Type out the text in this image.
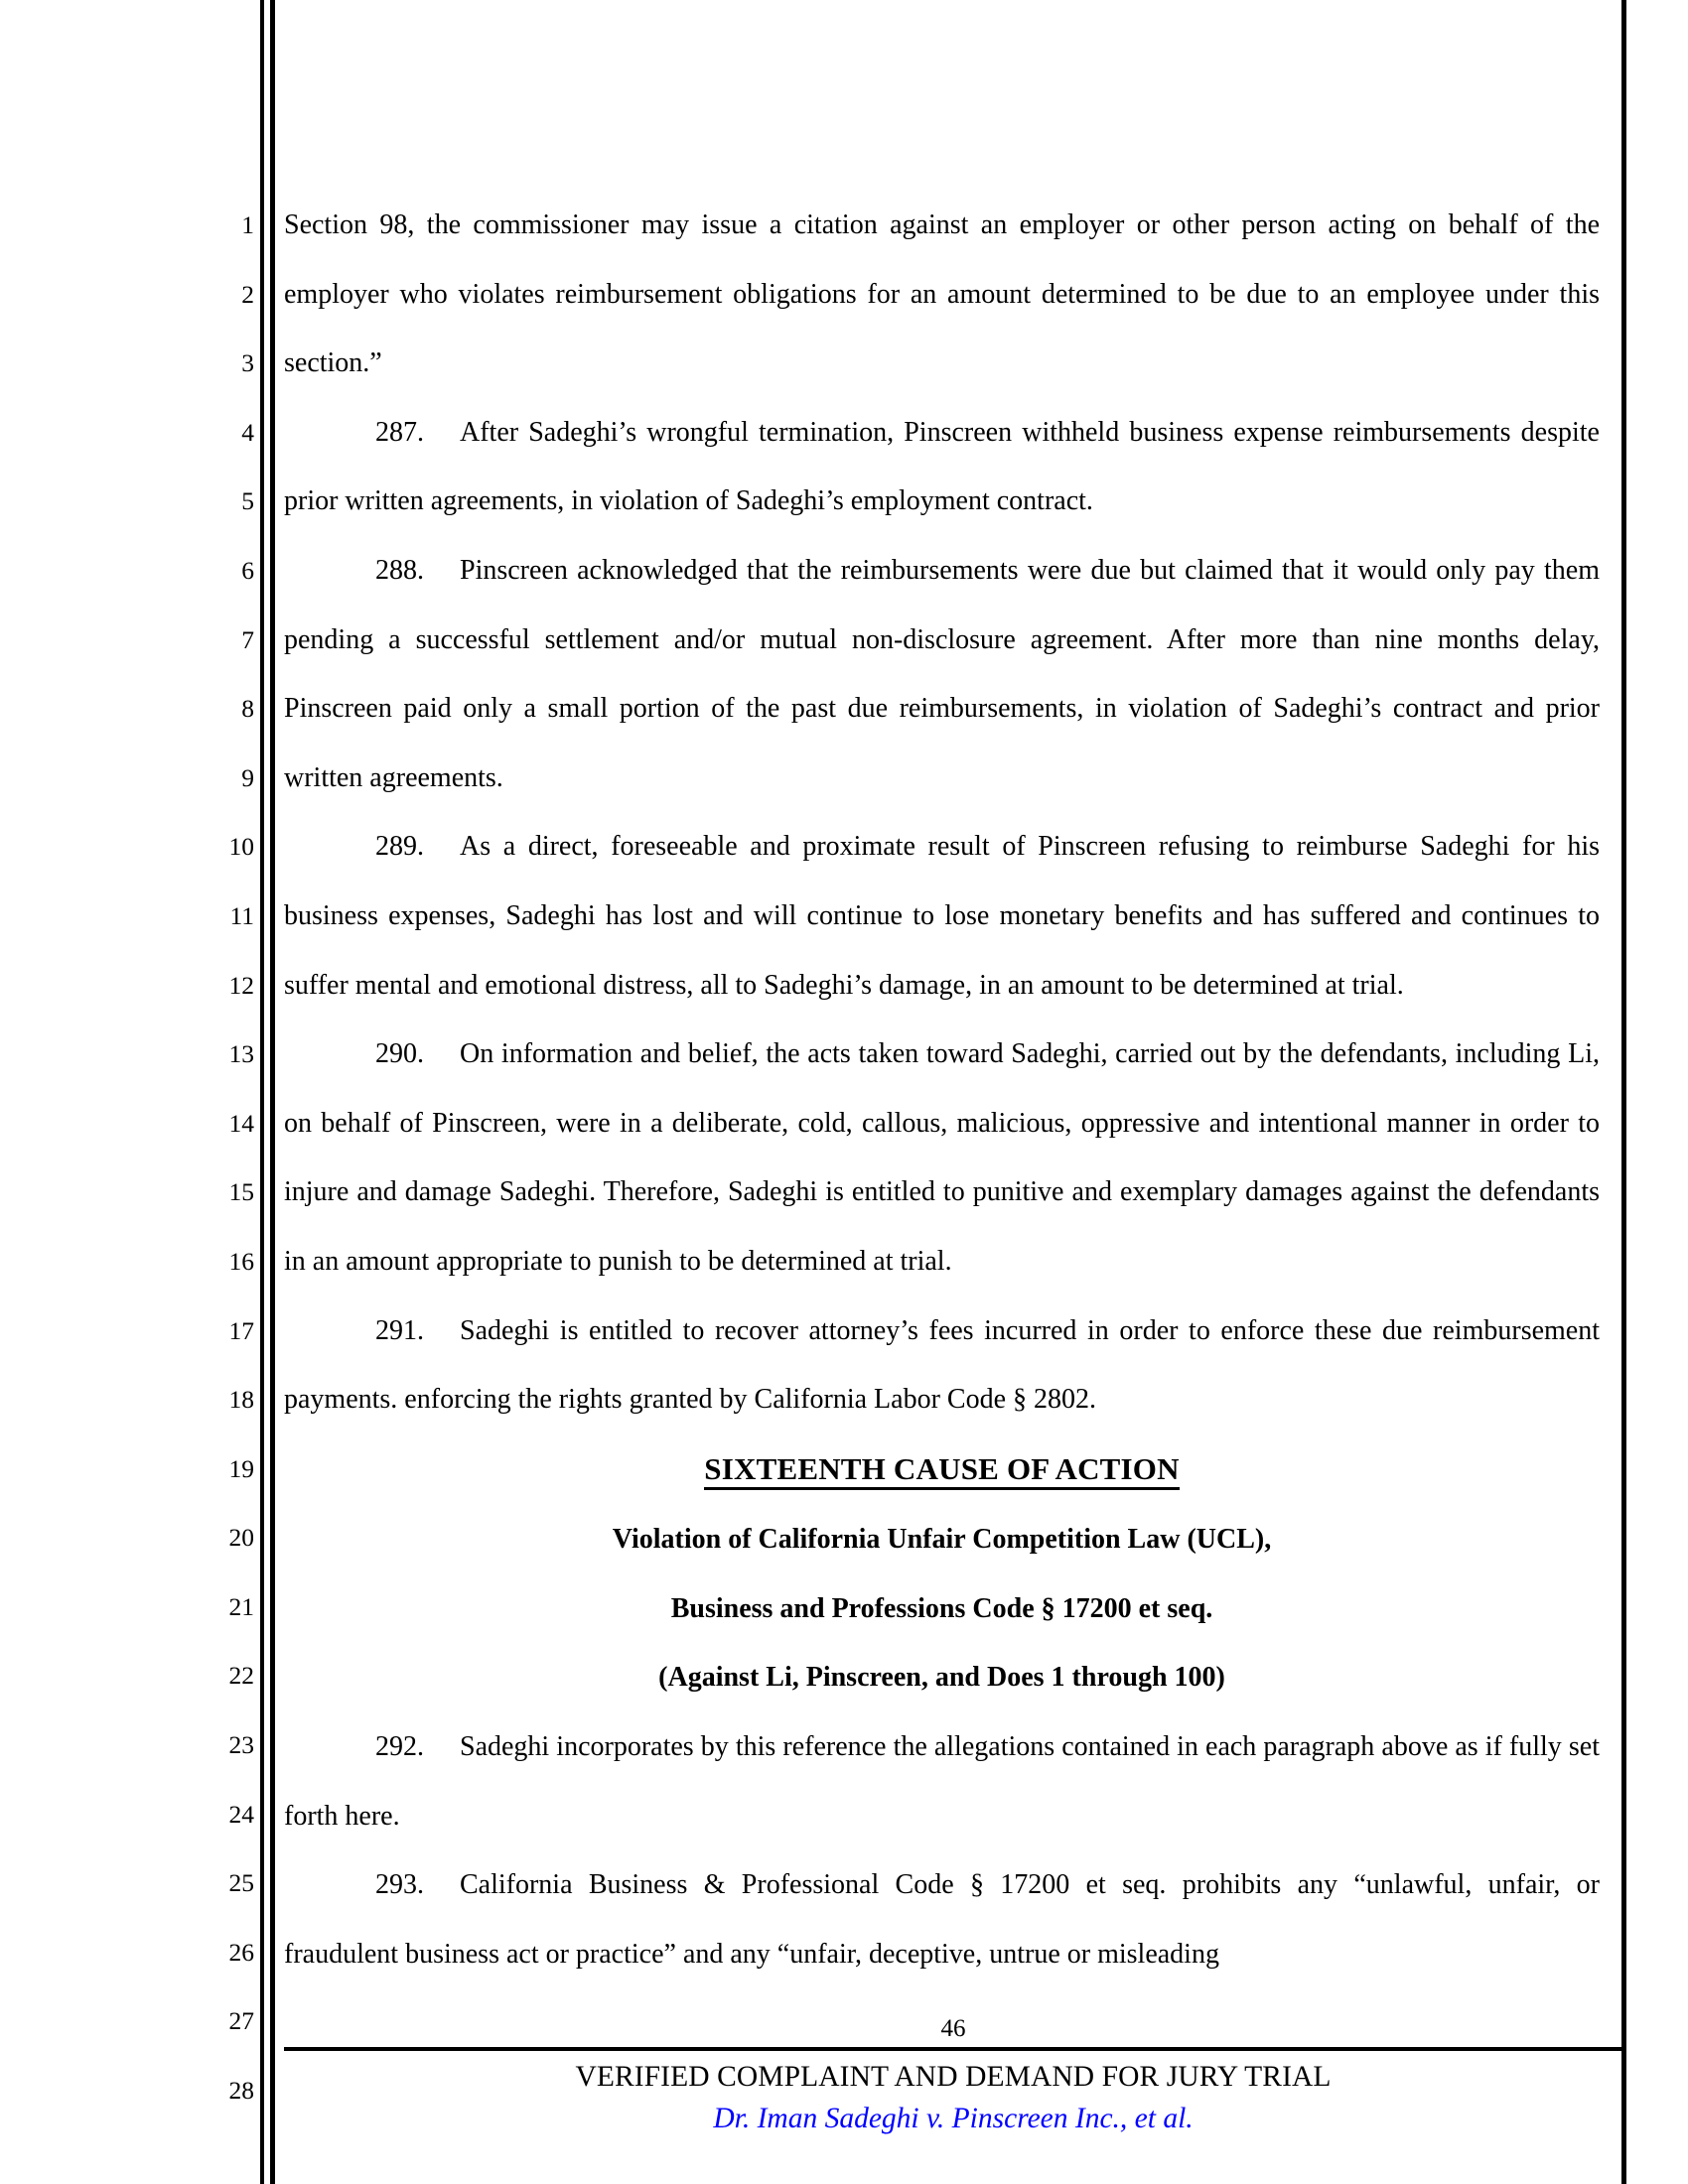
1
2
3
4
5
6
7
8
9
10
11
12
13
14
15
16
17
18
19
20
21
22
23
24
25
26
27
28

Section 98, the commissioner may issue a citation against an employer or other person acting on behalf of the employer who violates reimbursement obligations for an amount determined to be due to an employee under this section.”

287. After Sadeghi’s wrongful termination, Pinscreen withheld business expense reimbursements despite prior written agreements, in violation of Sadeghi’s employment contract.

288. Pinscreen acknowledged that the reimbursements were due but claimed that it would only pay them pending a successful settlement and/or mutual non-disclosure agreement. After more than nine months delay, Pinscreen paid only a small portion of the past due reimbursements, in violation of Sadeghi’s contract and prior written agreements.

289. As a direct, foreseeable and proximate result of Pinscreen refusing to reimburse Sadeghi for his business expenses, Sadeghi has lost and will continue to lose monetary benefits and has suffered and continues to suffer mental and emotional distress, all to Sadeghi’s damage, in an amount to be determined at trial.

290. On information and belief, the acts taken toward Sadeghi, carried out by the defendants, including Li, on behalf of Pinscreen, were in a deliberate, cold, callous, malicious, oppressive and intentional manner in order to injure and damage Sadeghi. Therefore, Sadeghi is entitled to punitive and exemplary damages against the defendants in an amount appropriate to punish to be determined at trial.

291. Sadeghi is entitled to recover attorney’s fees incurred in order to enforce these due reimbursement payments. enforcing the rights granted by California Labor Code § 2802.

SIXTEENTH CAUSE OF ACTION

Violation of California Unfair Competition Law (UCL),

Business and Professions Code § 17200 et seq.

(Against Li, Pinscreen, and Does 1 through 100)

292. Sadeghi incorporates by this reference the allegations contained in each paragraph above as if fully set forth here.

293. California Business & Professional Code § 17200 et seq. prohibits any “unlawful, unfair, or fraudulent business act or practice” and any “unfair, deceptive, untrue or misleading

46
VERIFIED COMPLAINT AND DEMAND FOR JURY TRIAL
Dr. Iman Sadeghi v. Pinscreen Inc., et al.
